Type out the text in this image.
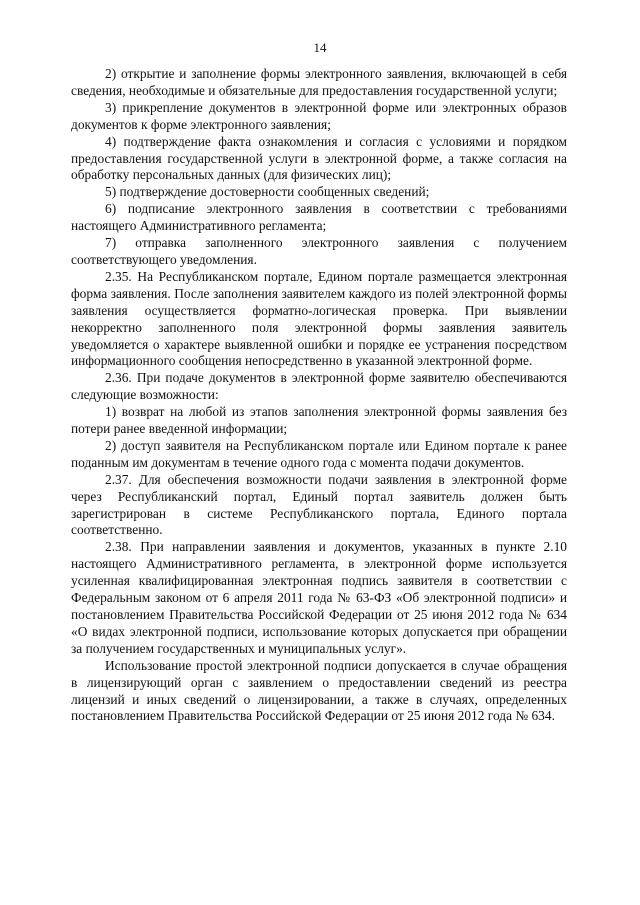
14

2) открытие и заполнение формы электронного заявления, включающей в себя сведения, необходимые и обязательные для предоставления государственной услуги;

3) прикрепление документов в электронной форме или электронных образов документов к форме электронного заявления;

4) подтверждение факта ознакомления и согласия с условиями и порядком предоставления государственной услуги в электронной форме, а также согласия на обработку персональных данных (для физических лиц);

5) подтверждение достоверности сообщенных сведений;

6) подписание электронного заявления в соответствии с требованиями настоящего Административного регламента;

7) отправка заполненного электронного заявления с получением соответствующего уведомления.

2.35. На Республиканском портале, Едином портале размещается электронная форма заявления. После заполнения заявителем каждого из полей электронной формы заявления осуществляется форматно-логическая проверка. При выявлении некорректно заполненного поля электронной формы заявления заявитель уведомляется о характере выявленной ошибки и порядке ее устранения посредством информационного сообщения непосредственно в указанной электронной форме.

2.36. При подаче документов в электронной форме заявителю обеспечиваются следующие возможности:

1) возврат на любой из этапов заполнения электронной формы заявления без потери ранее введенной информации;

2) доступ заявителя на Республиканском портале или Едином портале к ранее поданным им документам в течение одного года с момента подачи документов.

2.37. Для обеспечения возможности подачи заявления в электронной форме через Республиканский портал, Единый портал заявитель должен быть зарегистрирован в системе Республиканского портала, Единого портала соответственно.

2.38. При направлении заявления и документов, указанных в пункте 2.10 настоящего Административного регламента, в электронной форме используется усиленная квалифицированная электронная подпись заявителя в соответствии с Федеральным законом от 6 апреля 2011 года № 63-ФЗ «Об электронной подписи» и постановлением Правительства Российской Федерации от 25 июня 2012 года № 634 «О видах электронной подписи, использование которых допускается при обращении за получением государственных и муниципальных услуг».

Использование простой электронной подписи допускается в случае обращения в лицензирующий орган с заявлением о предоставлении сведений из реестра лицензий и иных сведений о лицензировании, а также в случаях, определенных постановлением Правительства Российской Федерации от 25 июня 2012 года № 634.
